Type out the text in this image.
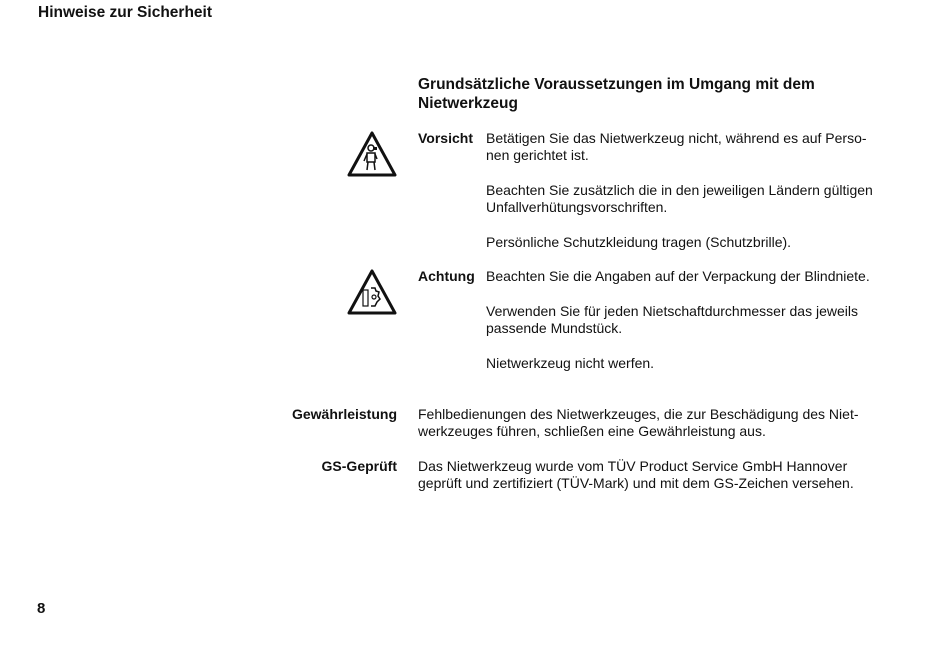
Hinweise zur Sicherheit
Grundsätzliche Voraussetzungen im Umgang mit dem Nietwerkzeug
Vorsicht Betätigen Sie das Nietwerkzeug nicht, während es auf Perso-
nen gerichtet ist.
Beachten Sie zusätzlich die in den jeweiligen Ländern gültigen
Unfallverhütungsvorschriften.
Persönliche Schutzkleidung tragen (Schutzbrille).
Achtung Beachten Sie die Angaben auf der Verpackung der Blindniete.
Verwenden Sie für jeden Nietschaftdurchmesser das jeweils
passende Mundstück.
Nietwerkzeug nicht werfen.
Gewährleistung Fehlbedienungen des Nietwerkzeuges, die zur Beschädigung des Niet-
werkzeuges führen, schließen eine Gewährleistung aus.
GS-Geprüft Das Nietwerkzeug wurde vom TÜV Product Service GmbH Hannover
geprüft und zertifiziert (TÜV-Mark) und mit dem GS-Zeichen versehen.
8
